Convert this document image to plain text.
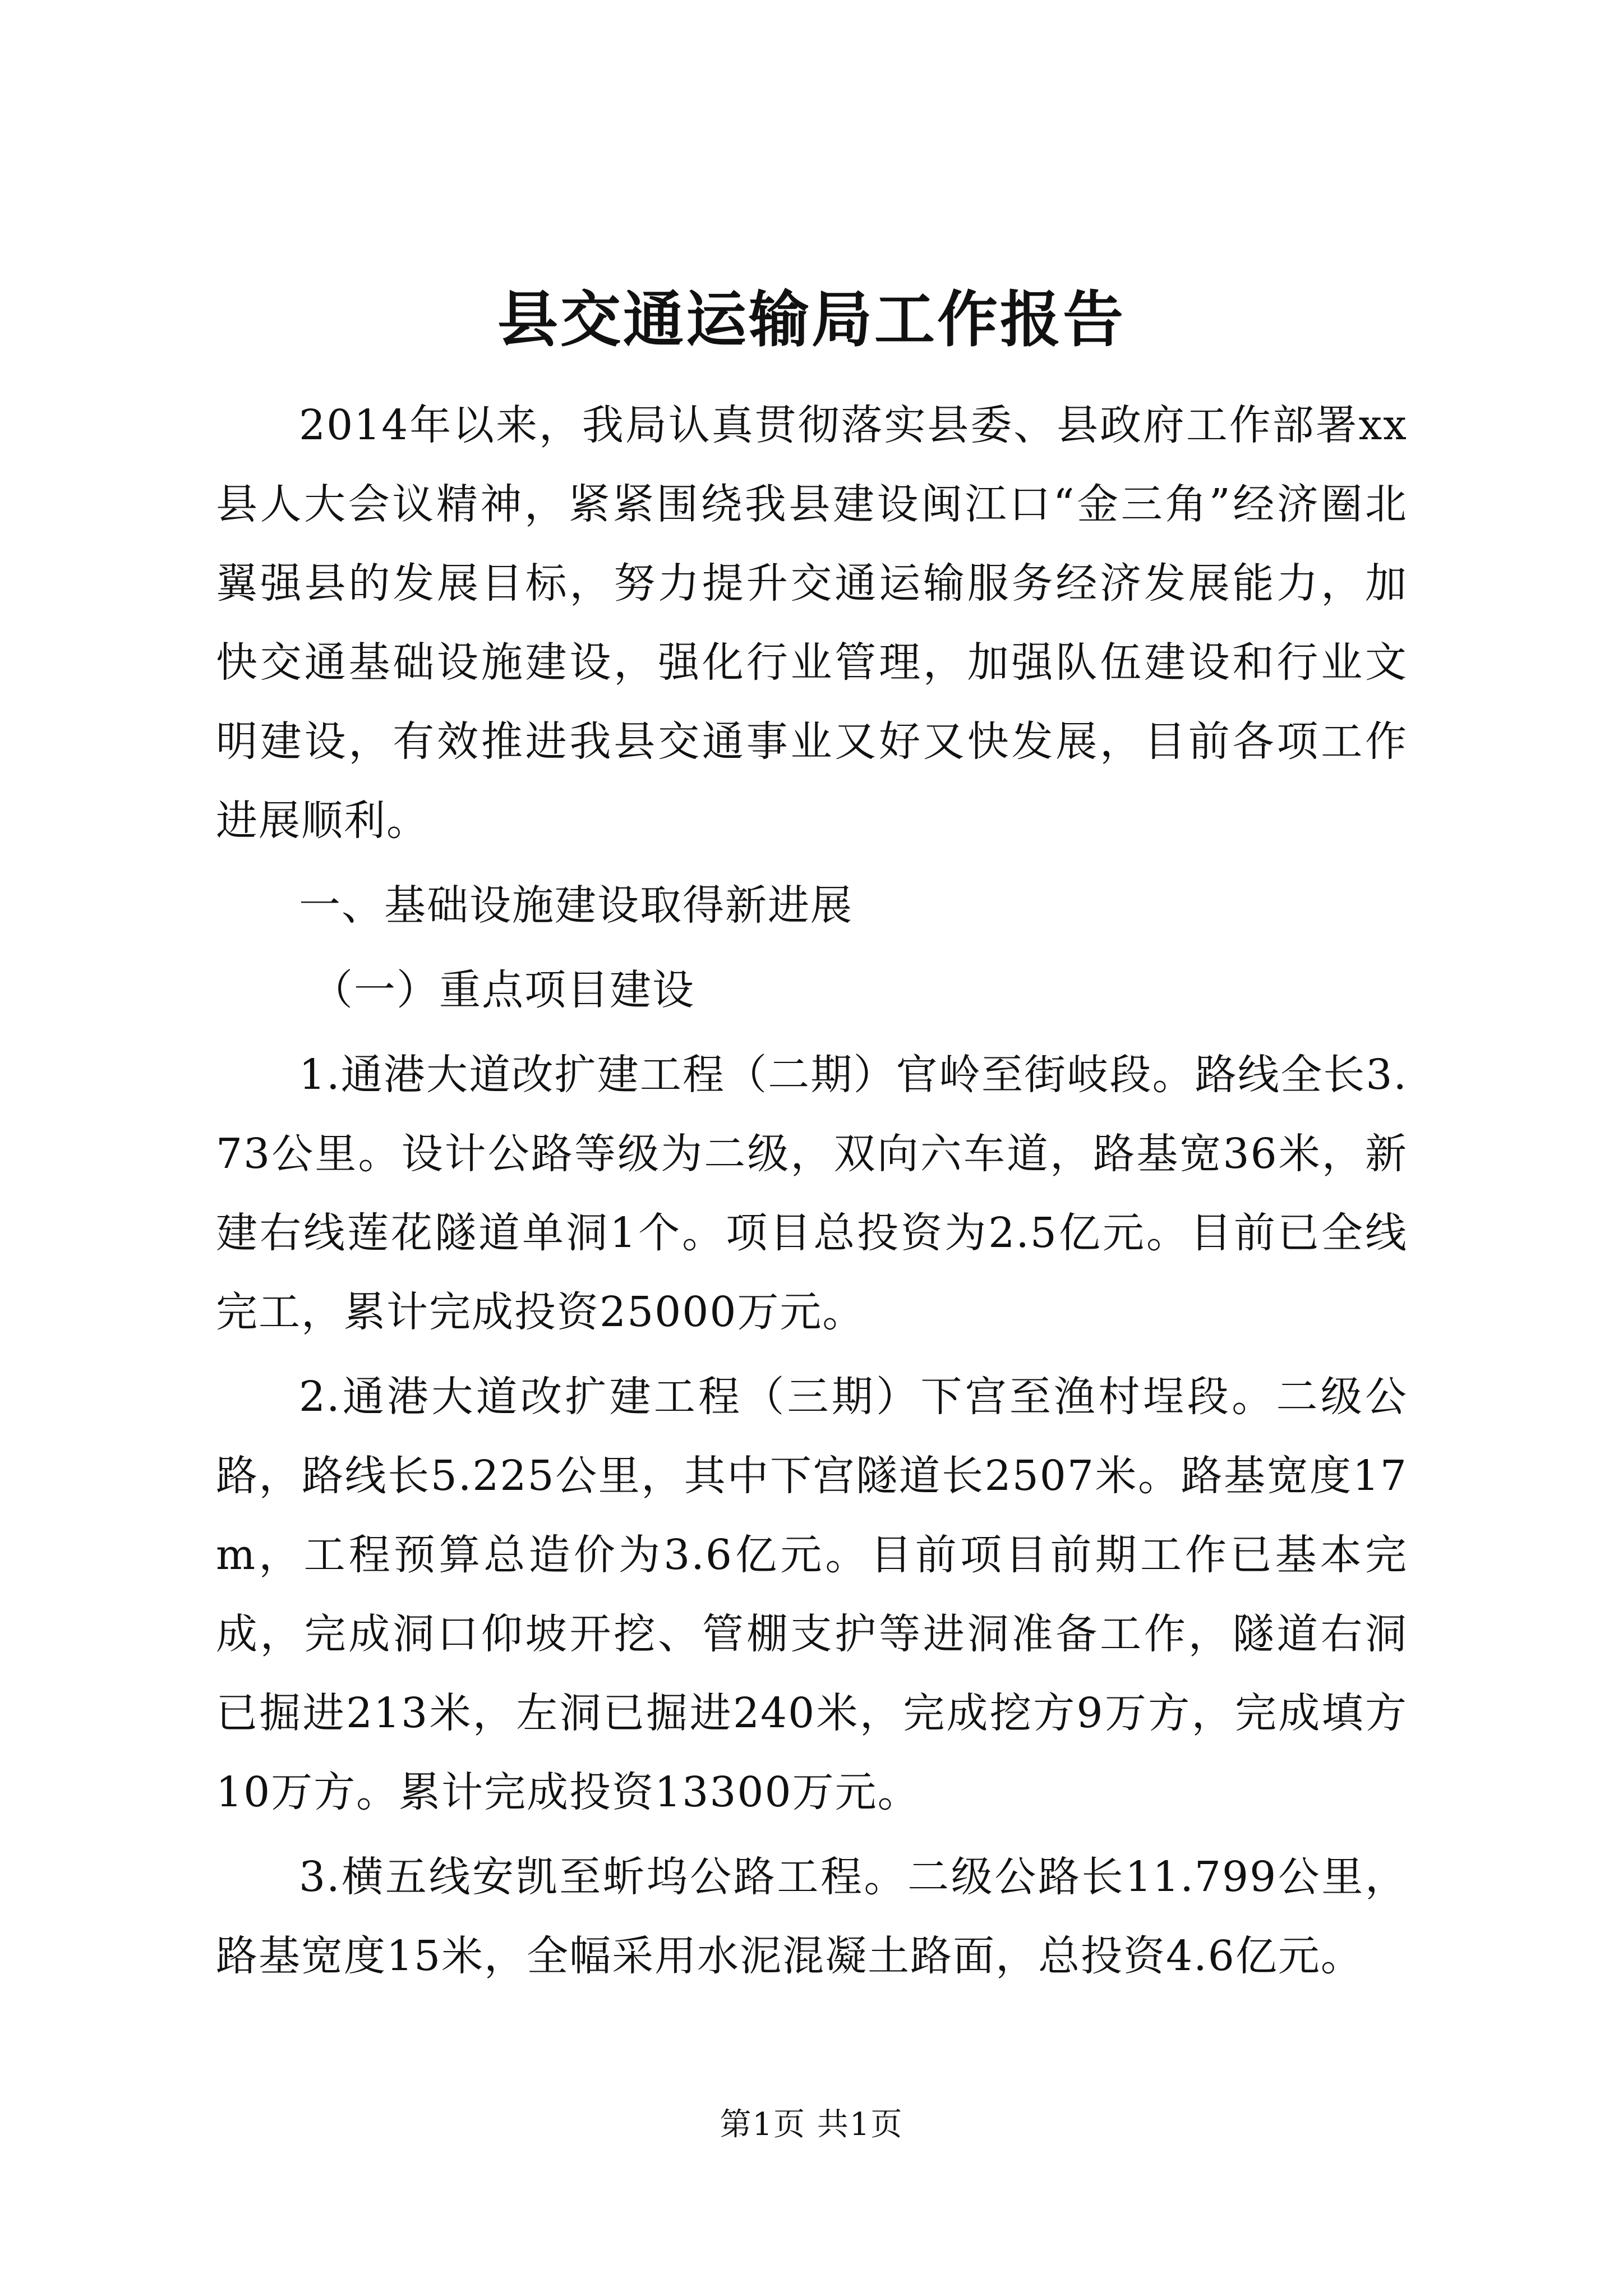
县交通运输局工作报告

2014年以来，我局认真贯彻落实县委、县政府工作部署xx县人大会议精神，紧紧围绕我县建设闽江口“金三角”经济圈北翼强县的发展目标，努力提升交通运输服务经济发展能力，加快交通基础设施建设，强化行业管理，加强队伍建设和行业文明建设，有效推进我县交通事业又好又快发展，目前各项工作进展顺利。

一、基础设施建设取得新进展

（一）重点项目建设

1.通港大道改扩建工程（二期）官岭至街岐段。路线全长3.73公里。设计公路等级为二级，双向六车道，路基宽36米，新建右线莲花隧道单洞1个。项目总投资为2.5亿元。目前已全线完工，累计完成投资25000万元。

2.通港大道改扩建工程（三期）下宫至渔村埕段。二级公路，路线长5.225公里，其中下宫隧道长2507米。路基宽度17m，工程预算总造价为3.6亿元。目前项目前期工作已基本完成，完成洞口仰坡开挖、管棚支护等进洞准备工作，隧道右洞已掘进213米，左洞已掘进240米，完成挖方9万方，完成填方10万方。累计完成投资13300万元。

3.横五线安凯至蚚坞公路工程。二级公路长11.799公里，路基宽度15米，全幅采用水泥混凝土路面，总投资4.6亿元。

第1页 共1页
